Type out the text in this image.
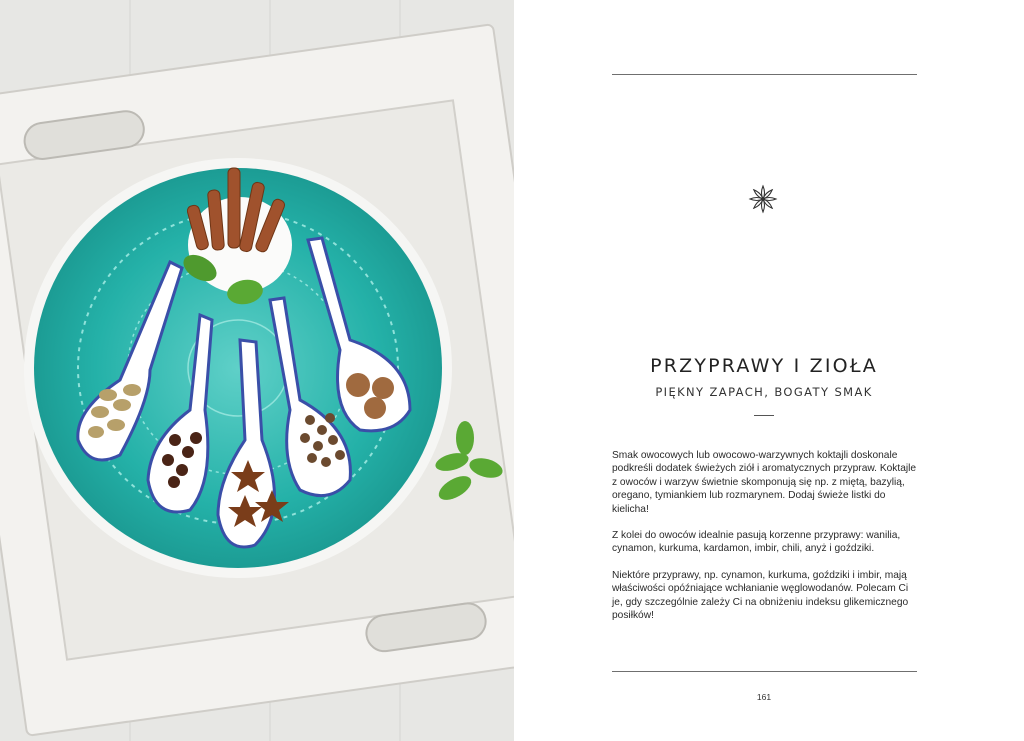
PRZYPRAWY I ZIOŁA
PIĘKNY ZAPACH, BOGATY SMAK

Smak owocowych lub owocowo-warzywnych koktajli doskonale podkreśli dodatek świeżych ziół i aromatycznych przypraw. Koktajle z owoców i warzyw świetnie skomponują się np. z miętą, bazylią, oregano, tymiankiem lub rozmarynem. Dodaj świeże listki do kielicha!

Z kolei do owoców idealnie pasują korzenne przyprawy: wanilia, cynamon, kurkuma, kardamon, imbir, chili, anyż i goździki.

Niektóre przyprawy, np. cynamon, kurkuma, goździki i imbir, mają właściwości opóźniające wchłanianie węglowodanów. Polecam Ci je, gdy szczególnie zależy Ci na obniżeniu indeksu glikemicznego posiłków!

161
